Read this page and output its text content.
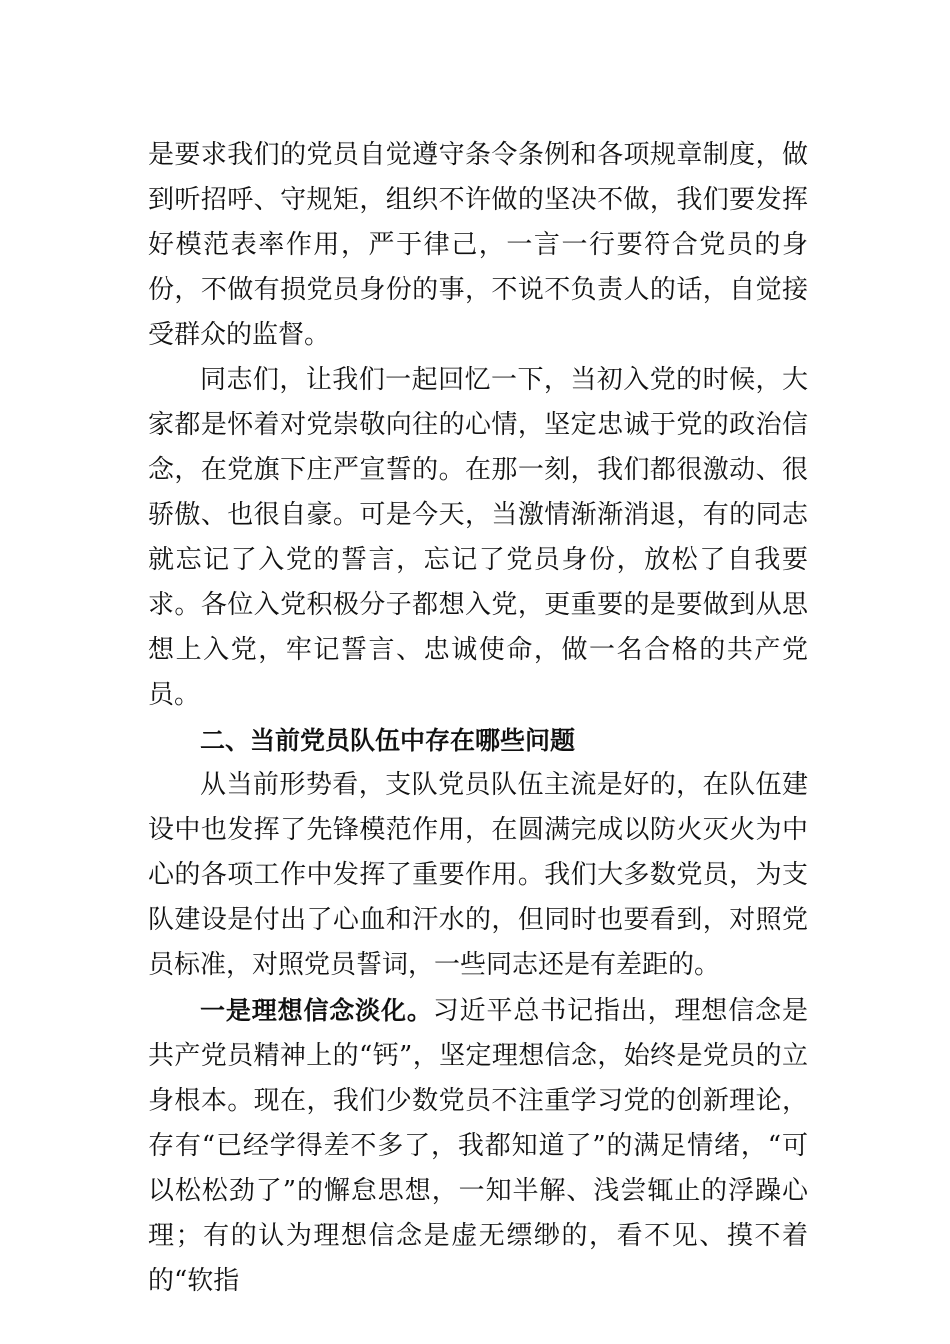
是要求我们的党员自觉遵守条令条例和各项规章制度，做到听招呼、守规矩，组织不许做的坚决不做，我们要发挥好模范表率作用，严于律己，一言一行要符合党员的身份，不做有损党员身份的事，不说不负责人的话，自觉接受群众的监督。

同志们，让我们一起回忆一下，当初入党的时候，大家都是怀着对党崇敬向往的心情，坚定忠诚于党的政治信念，在党旗下庄严宣誓的。在那一刻，我们都很激动、很骄傲、也很自豪。可是今天，当激情渐渐消退，有的同志就忘记了入党的誓言，忘记了党员身份，放松了自我要求。各位入党积极分子都想入党，更重要的是要做到从思想上入党，牢记誓言、忠诚使命，做一名合格的共产党员。

二、当前党员队伍中存在哪些问题

从当前形势看，支队党员队伍主流是好的，在队伍建设中也发挥了先锋模范作用，在圆满完成以防火灭火为中心的各项工作中发挥了重要作用。我们大多数党员，为支队建设是付出了心血和汗水的，但同时也要看到，对照党员标准，对照党员誓词，一些同志还是有差距的。

一是理想信念淡化。习近平总书记指出，理想信念是共产党员精神上的“钙”，坚定理想信念，始终是党员的立身根本。现在，我们少数党员不注重学习党的创新理论，存有“已经学得差不多了，我都知道了”的满足情绪，“可以松松劲了”的懈怠思想，一知半解、浅尝辄止的浮躁心理；有的认为理想信念是虚无缥缈的，看不见、摸不着的“软指
